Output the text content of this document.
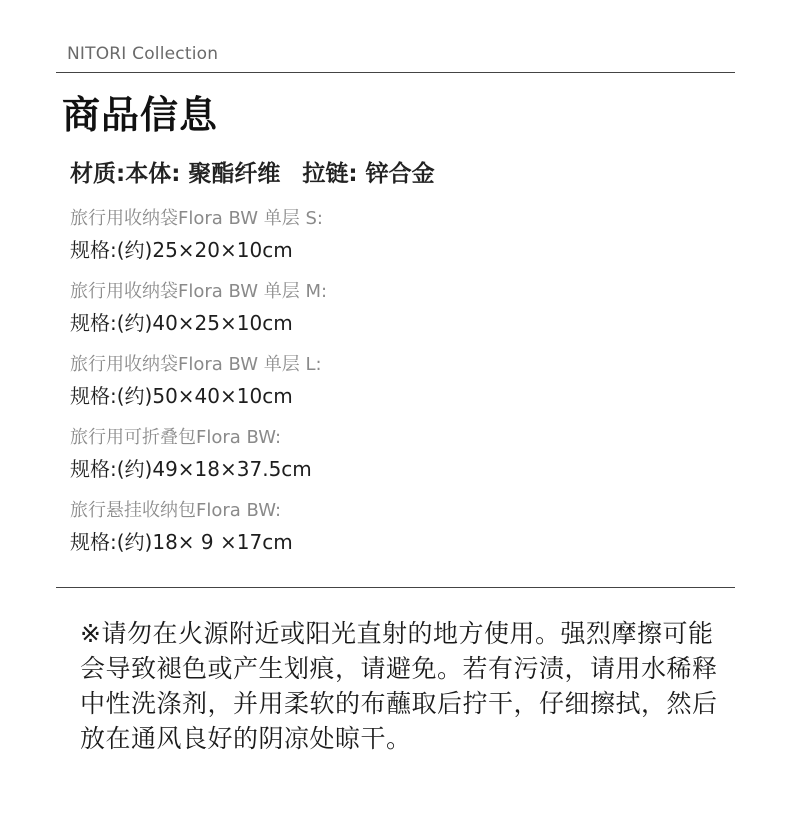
NITORI Collection
商品信息
材质:本体: 聚酯纤维 拉链: 锌合金
旅行用收纳袋Flora BW 单层 S:
规格:(约)25×20×10cm
旅行用收纳袋Flora BW 单层 M:
规格:(约)40×25×10cm
旅行用收纳袋Flora BW 单层 L:
规格:(约)50×40×10cm
旅行用可折叠包Flora BW:
规格:(约)49×18×37.5cm
旅行悬挂收纳包Flora BW:
规格:(约)18× 9 ×17cm

※请勿在火源附近或阳光直射的地方使用。强烈摩擦可能会导致褪色或产生划痕，请避免。若有污渍，请用水稀释中性洗涤剂，并用柔软的布蘸取后拧干，仔细擦拭，然后放在通风良好的阴凉处晾干。
